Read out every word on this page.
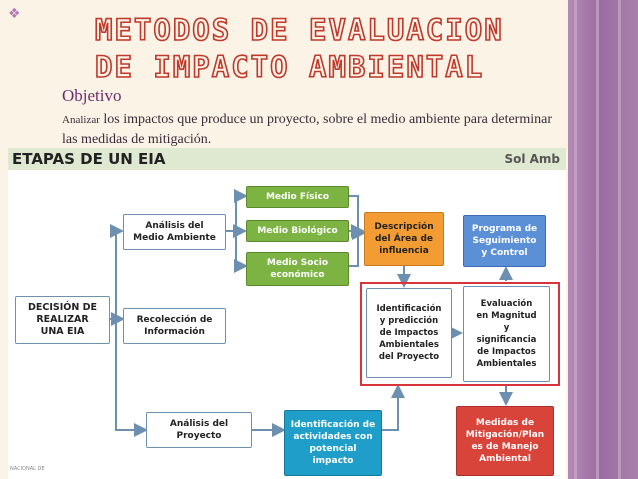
❖	METODOS DE EVALUACION
DE IMPACTO AMBIENTAL
Objetivo
Analizar los impactos que produce un proyecto, sobre el medio ambiente para determinar las medidas de mitigación.
ETAPAS DE UN EIA	Sol Amb
DECISIÓN DE
REALIZAR
UNA EIA
Análisis del
Medio Ambiente
Recolección de
Información
Análisis del
Proyecto
Medio Físico
Medio Biológico
Medio Socio
económico
Descripción
del Área de
influencia
Programa de
Seguimiento
y Control
Identificación
y predicción
de Impactos
Ambientales
del Proyecto
Evaluación
en Magnitud
y
significancia
de Impactos
Ambientales
Identificación de
actividades con
potencial
impacto
Medidas de
Mitigación/Plan
es de Manejo
Ambiental
NACIONAL DE
